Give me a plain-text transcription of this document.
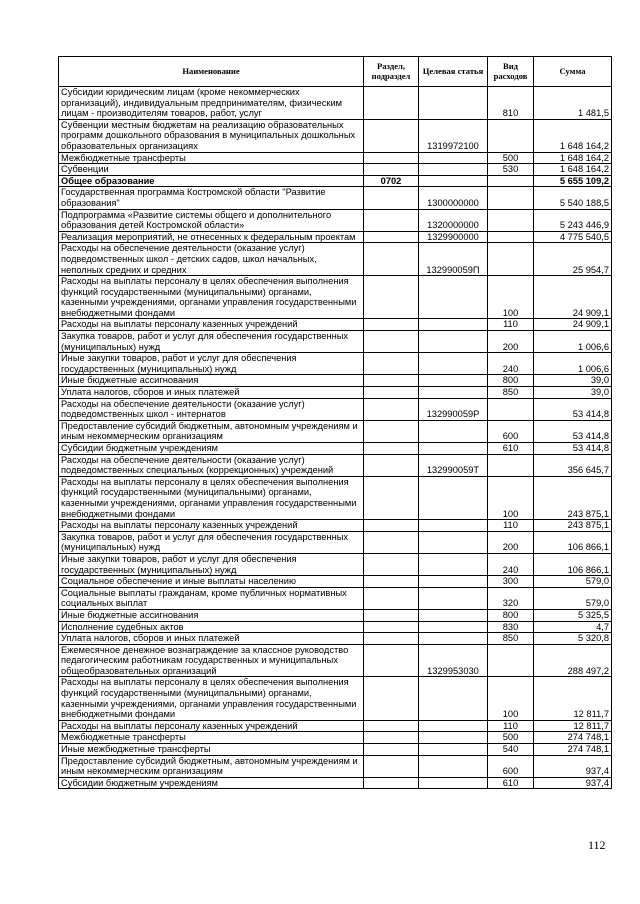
Наименование	Раздел, подраздел	Целевая статья	Вид расходов	Сумма
Субсидии юридическим лицам (кроме некоммерческих организаций), индивидуальным предпринимателям, физическим лицам - производителям товаров, работ, услуг			810	1 481,5
Субвенции местным бюджетам на реализацию образовательных программ дошкольного образования в муниципальных дошкольных образовательных организациях		1319972100		1 648 164,2
Межбюджетные трансферты			500	1 648 164,2
Субвенции			530	1 648 164,2
Общее образование	0702			5 655 109,2
Государственная программа Костромской области "Развитие образования"		1300000000		5 540 188,5
Подпрограмма «Развитие системы общего и дополнительного образования детей Костромской области»		1320000000		5 243 446,9
Реализация мероприятий, не отнесенных к федеральным проектам		1329900000		4 775 540,5
Расходы на обеспечение деятельности (оказание услуг) подведомственных школ - детских садов, школ начальных, неполных средних и средних		132990059П		25 954,7
Расходы на выплаты персоналу в целях обеспечения выполнения функций государственными (муниципальными) органами, казенными учреждениями, органами управления государственными внебюджетными фондами			100	24 909,1
Расходы на выплаты персоналу казенных учреждений			110	24 909,1
Закупка товаров, работ и услуг для обеспечения государственных (муниципальных) нужд			200	1 006,6
Иные закупки товаров, работ и услуг для обеспечения государственных (муниципальных) нужд			240	1 006,6
Иные бюджетные ассигнования			800	39,0
Уплата налогов, сборов и иных платежей			850	39,0
Расходы на обеспечение деятельности (оказание услуг) подведомственных школ - интернатов		132990059Р		53 414,8
Предоставление субсидий бюджетным, автономным учреждениям и иным некоммерческим организациям			600	53 414,8
Субсидии бюджетным учреждениям			610	53 414,8
Расходы на обеспечение деятельности (оказание услуг) подведомственных специальных (коррекционных) учреждений		132990059Т		356 645,7
Расходы на выплаты персоналу в целях обеспечения выполнения функций государственными (муниципальными) органами, казенными учреждениями, органами управления государственными внебюджетными фондами			100	243 875,1
Расходы на выплаты персоналу казенных учреждений			110	243 875,1
Закупка товаров, работ и услуг для обеспечения государственных (муниципальных) нужд			200	106 866,1
Иные закупки товаров, работ и услуг для обеспечения государственных (муниципальных) нужд			240	106 866,1
Социальное обеспечение и иные выплаты населению			300	579,0
Социальные выплаты гражданам, кроме публичных нормативных социальных выплат			320	579,0
Иные бюджетные ассигнования			800	5 325,5
Исполнение судебных актов			830	4,7
Уплата налогов, сборов и иных платежей			850	5 320,8
Ежемесячное денежное вознаграждение за классное руководство педагогическим работникам государственных и муниципальных общеобразовательных организаций		1329953030		288 497,2
Расходы на выплаты персоналу в целях обеспечения выполнения функций государственными (муниципальными) органами, казенными учреждениями, органами управления государственными внебюджетными фондами			100	12 811,7
Расходы на выплаты персоналу казенных учреждений			110	12 811,7
Межбюджетные трансферты			500	274 748,1
Иные межбюджетные трансферты			540	274 748,1
Предоставление субсидий бюджетным, автономным учреждениям и иным некоммерческим организациям			600	937,4
Субсидии бюджетным учреждениям			610	937,4
112
